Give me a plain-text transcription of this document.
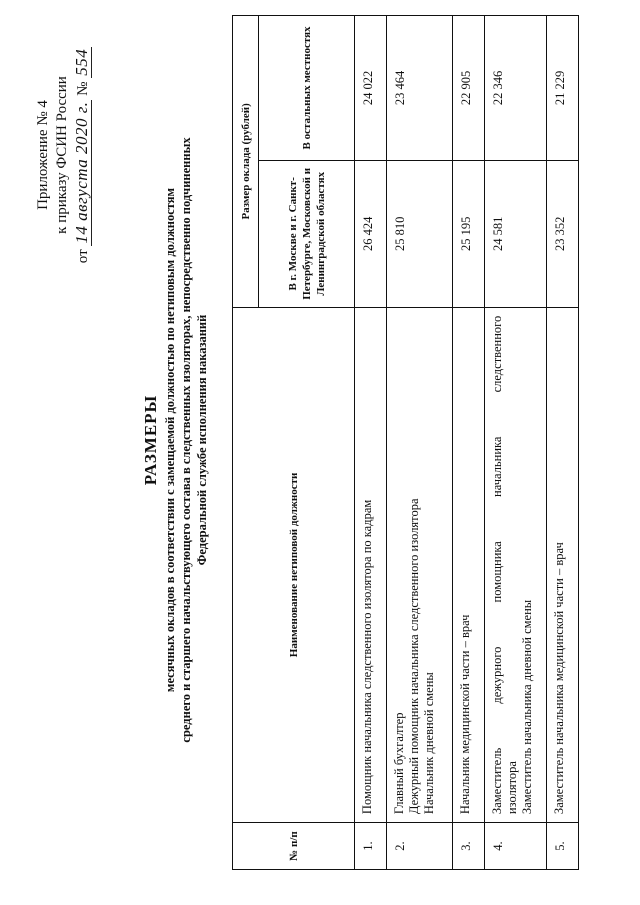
Приложение № 4 к приказу ФСИН России
от 14 августа 2020 г. № 554
РАЗМЕРЫ месячных окладов в соответствии с замещаемой должностью по нетиповым должностям среднего и старшего начальствующего состава в следственных изоляторах, непосредственно подчиненных Федеральной службе исполнения наказаний
№ п/п	Наименование нетиповой должности	Размер оклада (рублей)	
		В г. Москве и г. Санкт-Петербурге, Московской и Ленинградской областях	В остальных местностях
1.	Помощник начальника следственного изолятора по кадрам	26 424	24 022
2.	Главный бухгалтер Дежурный помощник начальника следственного изолятора Начальник дневной смены	25 810	23 464
3.	Начальник медицинской части – врач	25 195	22 905
4.	Заместитель дежурного помощника начальника следственного изолятора Заместитель начальника дневной смены	24 581	22 346
5.	Заместитель начальника медицинской части – врач	23 352	21 229
